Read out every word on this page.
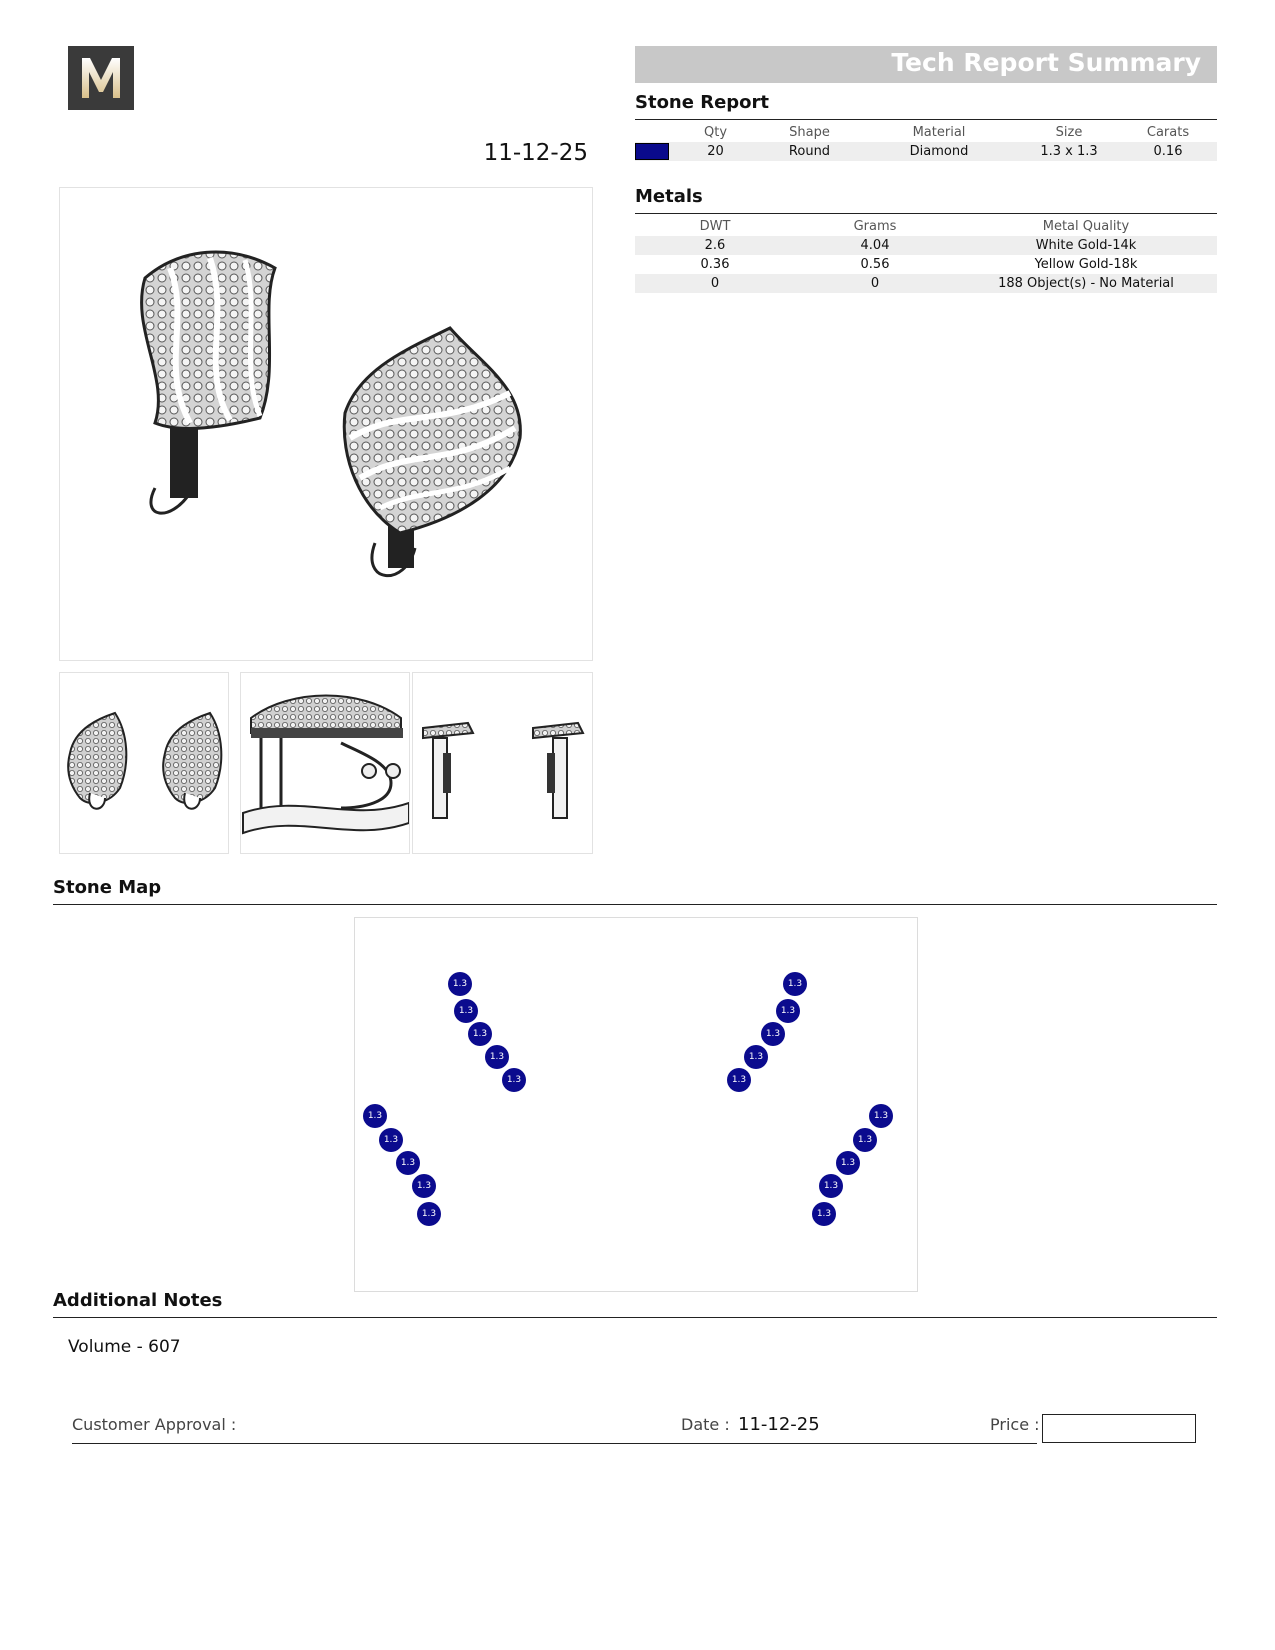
Tech Report Summary
11-12-25
Stone Report
	Qty	Shape	Material	Size	Carats
	20	Round	Diamond	1.3 x 1.3	0.16
Metals
DWT	Grams	Metal Quality
2.6	4.04	White Gold-14k
0.36	0.56	Yellow Gold-18k
0	0	188 Object(s) - No Material
Stone Map
1.3
1.3
1.3
1.3
1.3
1.3
1.3
1.3
1.3
1.3
1.3
1.3
1.3
1.3
1.3
1.3
1.3
1.3
1.3
1.3
Additional Notes
Volume - 607
Customer Approval :	Date : 11-12-25	Price :
